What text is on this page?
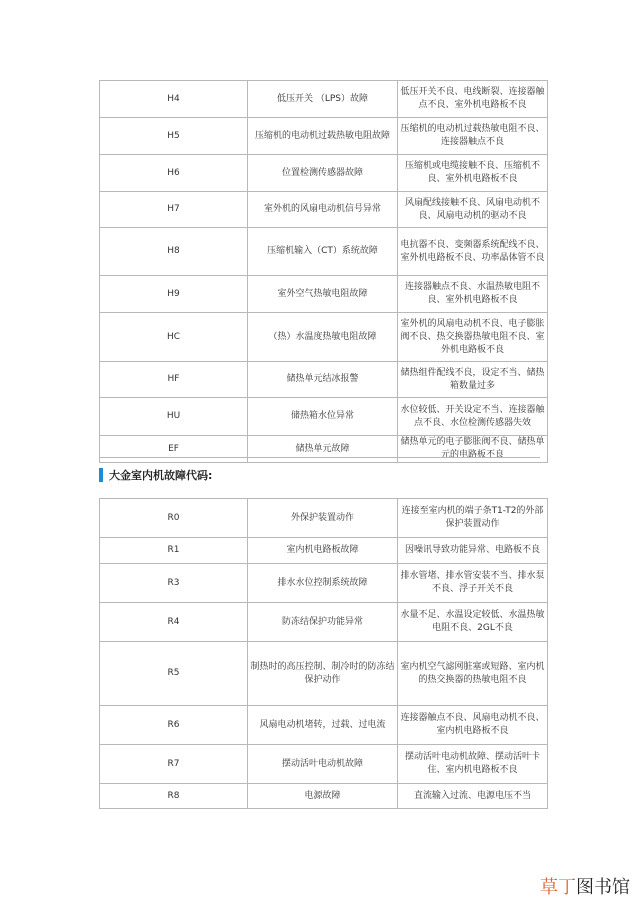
H4	低压开关 （LPS）故障	低压开关不良、电线断裂、连接器触点不良、室外机电路板不良
H5	压缩机的电动机过载热敏电阻故障	压缩机的电动机过载热敏电阻不良、连接器触点不良
H6	位置检测传感器故障	压缩机或电缆接触不良、压缩机不良、室外机电路板不良
H7	室外机的风扇电动机信号异常	风扇配线接触不良、风扇电动机不良、风扇电动机的驱动不良
H8	压缩机输入（CT）系统故障	电抗器不良、变频器系统配线不良、室外机电路板不良、功率晶体管不良
H9	室外空气热敏电阻故障	连接器触点不良、水温热敏电阻不良、室外机电路板不良
HC	（热）水温度热敏电阻故障	室外机的风扇电动机不良、电子膨胀阀不良、热交换器热敏电阻不良、室外机电路板不良
HF	储热单元结冰报警	储热组件配线不良，设定不当、储热箱数量过多
HU	储热箱水位异常	水位较低、开关设定不当、连接器触点不良、水位检测传感器失效
EF	储热单元故障	储热单元的电子膨胀阀不良、储热单元的电路板不良
大金室内机故障代码:
R0	外保护装置动作	连接至室内机的端子条T1-T2的外部保护装置动作
R1	室内机电路板故障	因噪讯导致功能异常、电路板不良
R3	排水水位控制系统故障	排水管堵、排水管安装不当、排水泵不良、浮子开关不良
R4	防冻结保护功能异常	水量不足、水温设定较低、水温热敏电阻不良、2GL不良
R5	制热时的高压控制、制冷时的防冻结保护动作	室内机空气滤网脏塞或短路、室内机的热交换器的热敏电阻不良
R6	风扇电动机堵转，过载、过电流	连接器触点不良、风扇电动机不良、室内机电路板不良
R7	摆动活叶电动机故障	摆动活叶电动机故障、摆动活叶卡住、室内机电路板不良
R8	电源故障	直流输入过流、电源电压不当
草丁 图书馆
